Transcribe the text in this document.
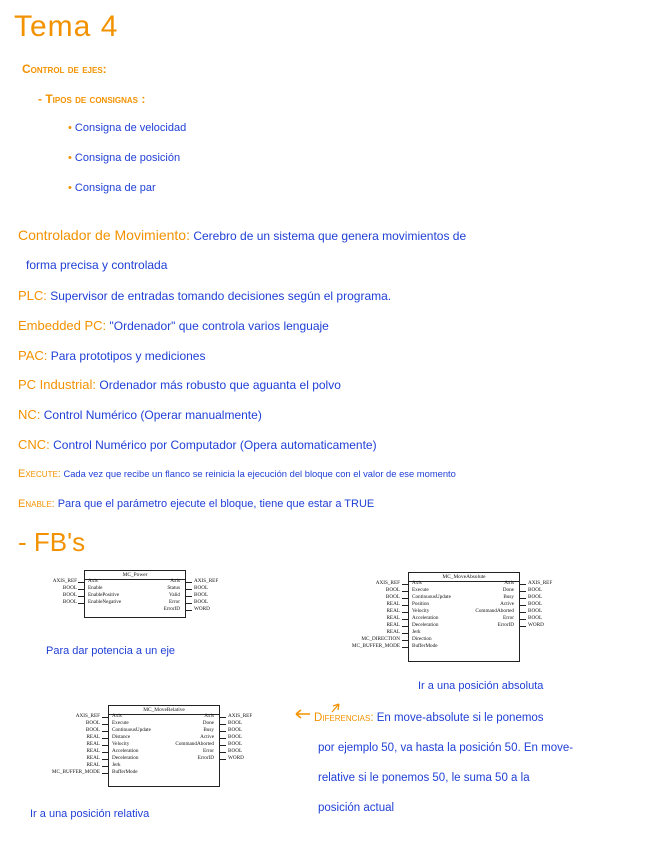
Tema 4
Control de ejes:
- Tipos de consignas :
• Consigna de velocidad
• Consigna de posición
• Consigna de par
Controlador de Movimiento: Cerebro de un sistema que genera movimientos de
forma precisa y controlada
PLC: Supervisor de entradas tomando decisiones según el programa.
Embedded PC: "Ordenador" que controla varios lenguaje
PAC: Para prototipos y mediciones
PC Industrial: Ordenador más robusto que aguanta el polvo
NC: Control Numérico (Operar manualmente)
CNC: Control Numérico por Computador (Opera automaticamente)
Execute: Cada vez que recibe un flanco se reinicia la ejecución del bloque con el valor de ese momento
Enable: Para que el parámetro ejecute el bloque, tiene que estar a TRUE
- FB's
MC_Power
AXIS_REF
BOOL
BOOL
BOOL
Axis
Enable
EnablePositive
EnableNegative
Axis
Status
Valid
Error
ErrorID
AXIS_REF
BOOL
BOOL
BOOL
WORD
Para dar potencia a un eje
MC_MoveAbsolute
AXIS_REF
BOOL
BOOL
REAL
REAL
REAL
REAL
REAL
MC_DIRECTION
MC_BUFFER_MODE
Axis
Execute
ContinuousUpdate
Position
Velocity
Acceleration
Deceleration
Jerk
Direction
BufferMode
Axis
Done
Busy
Active
CommandAborted
Error
ErrorID
AXIS_REF
BOOL
BOOL
BOOL
BOOL
BOOL
WORD
Ir a una posición absoluta
MC_MoveRelative
AXIS_REF
BOOL
BOOL
REAL
REAL
REAL
REAL
REAL
MC_BUFFER_MODE
Axis
Execute
ContinuousUpdate
Distance
Velocity
Acceleration
Deceleration
Jerk
BufferMode
Axis
Done
Busy
Active
CommandAborted
Error
ErrorID
AXIS_REF
BOOL
BOOL
BOOL
BOOL
BOOL
WORD
Ir a una posición relativa
Diferencias: En move-absolute si le ponemos
por ejemplo 50, va hasta la posición 50. En move-
relative si le ponemos 50, le suma 50 a la
posición actual
